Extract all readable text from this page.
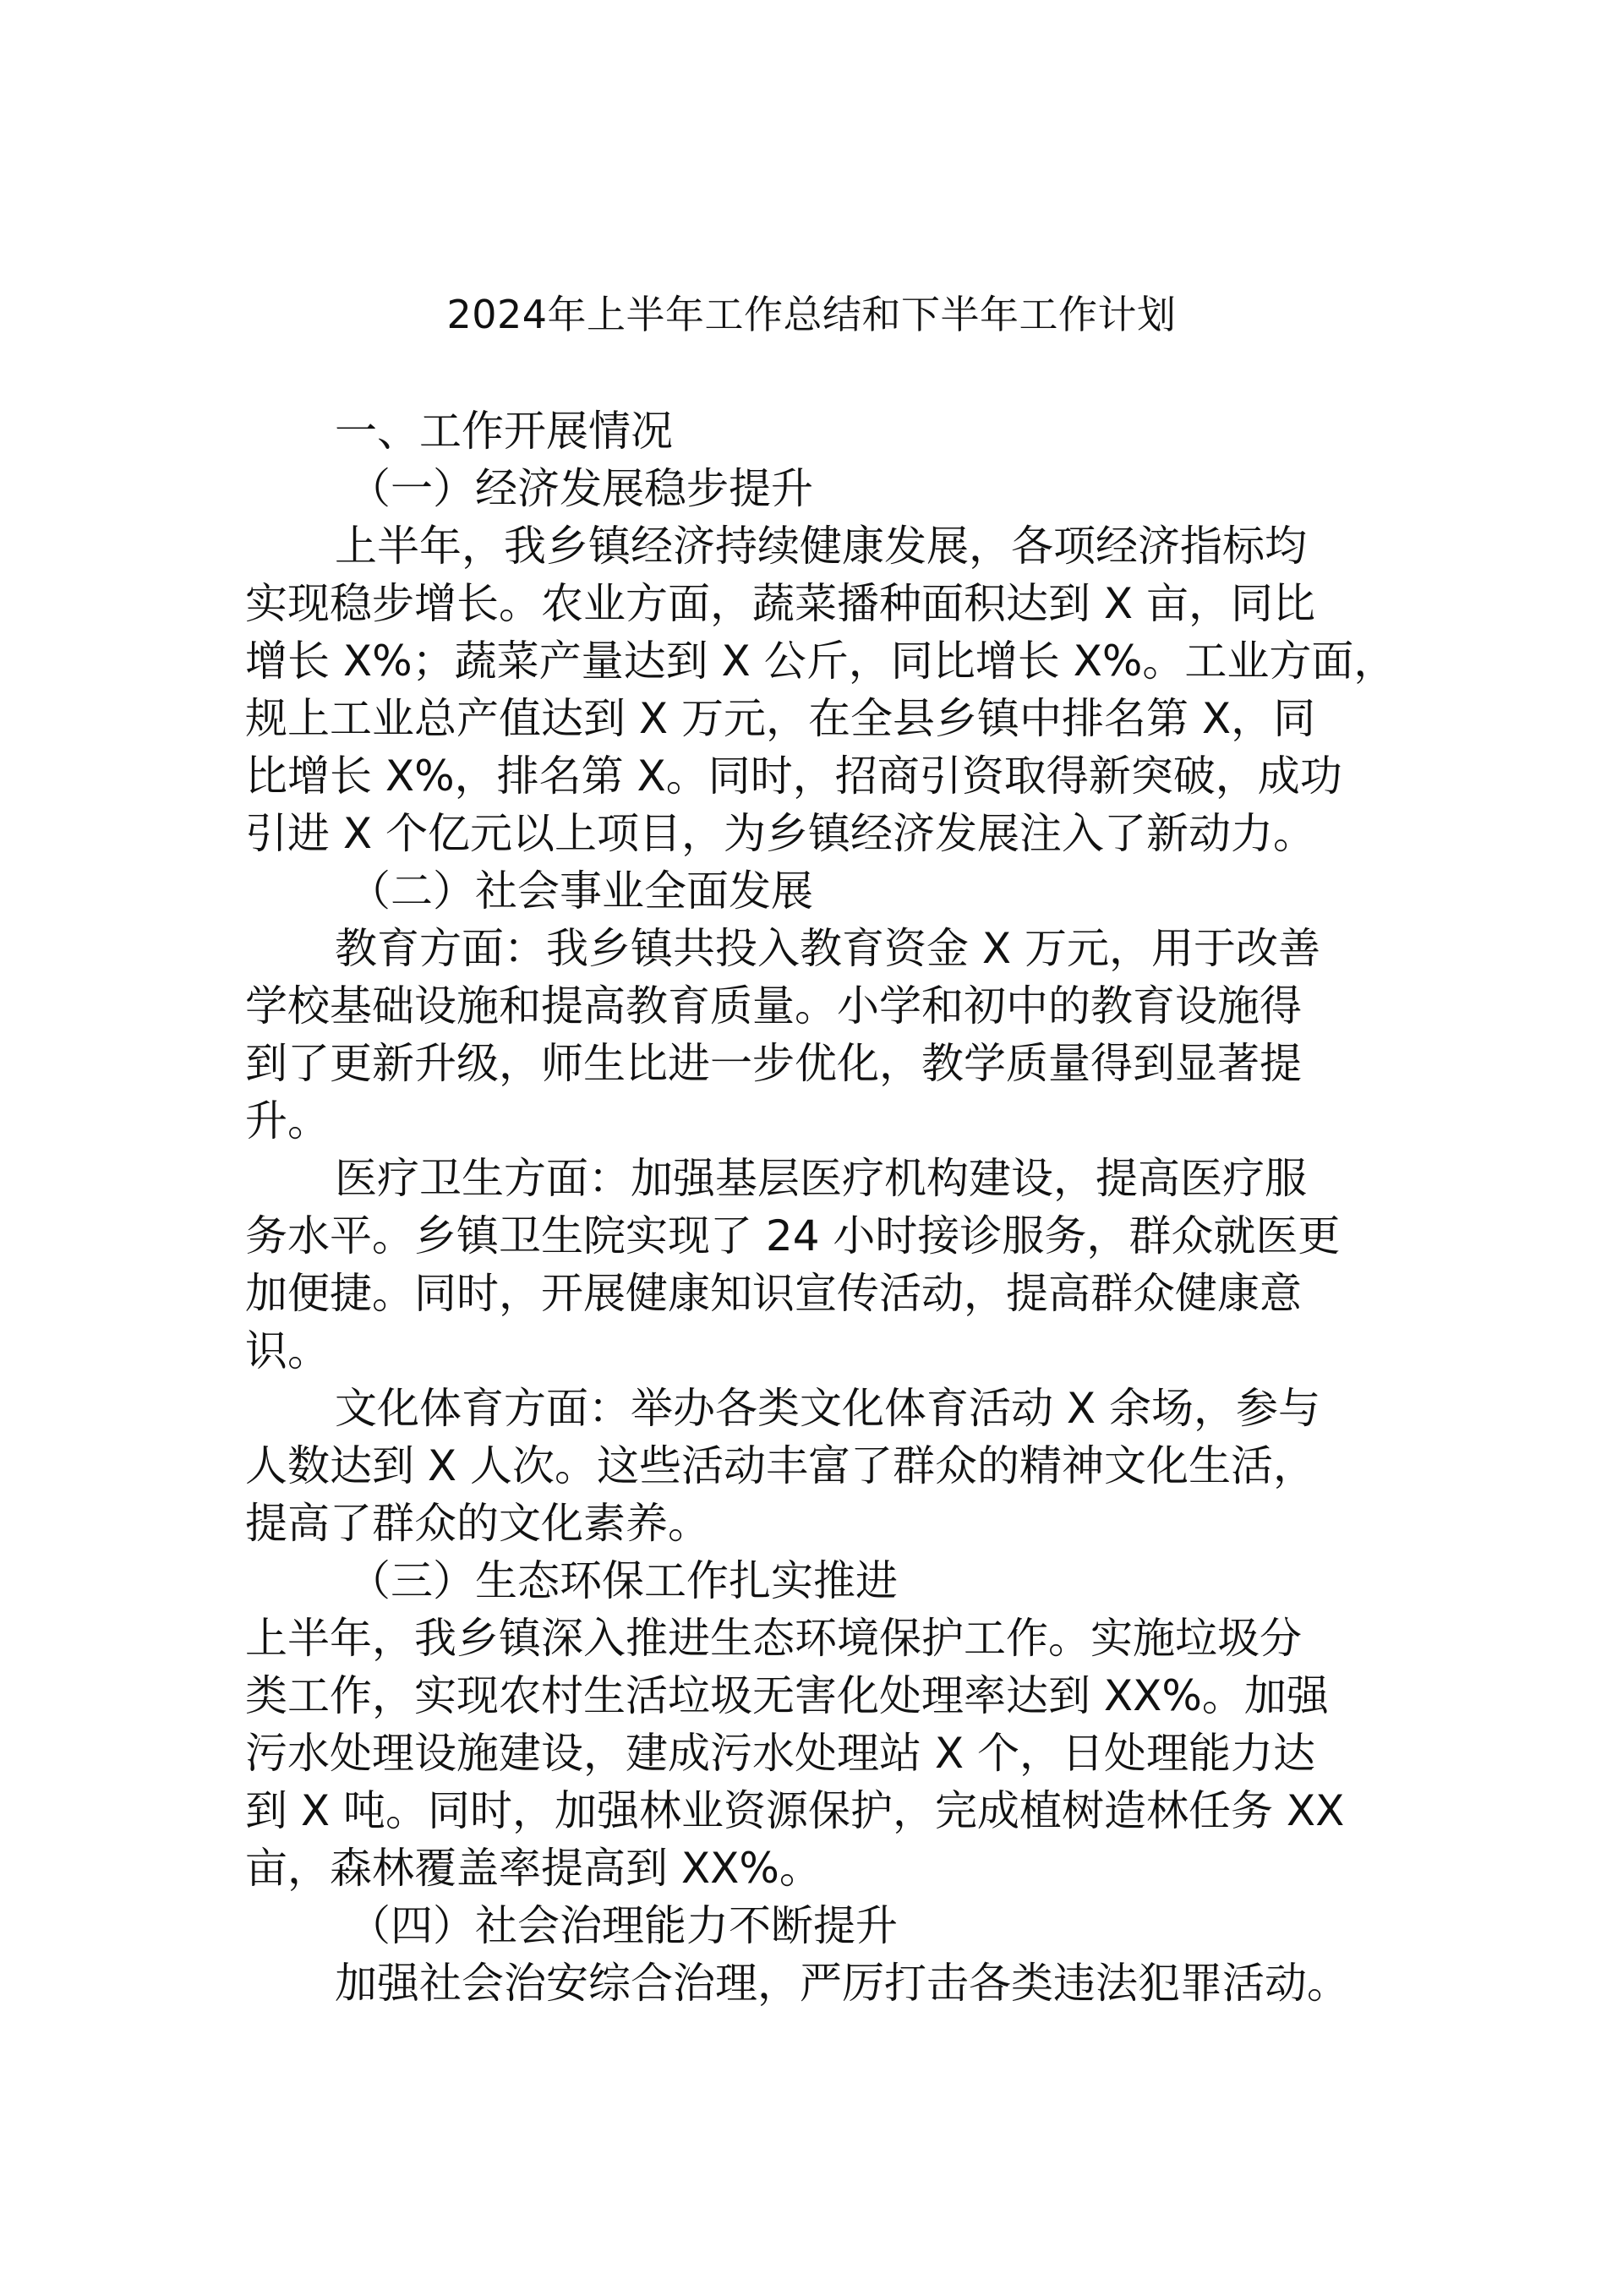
2024年上半年工作总结和下半年工作计划
一、工作开展情况
（一）经济发展稳步提升
上半年，我乡镇经济持续健康发展，各项经济指标均
实现稳步增长。农业方面，蔬菜播种面积达到 X 亩，同比
增长 X%；蔬菜产量达到 X 公斤，同比增长 X%。工业方面，
规上工业总产值达到 X 万元，在全县乡镇中排名第 X，同
比增长 X%，排名第 X。同时，招商引资取得新突破，成功
引进 X 个亿元以上项目，为乡镇经济发展注入了新动力。
（二）社会事业全面发展
教育方面：我乡镇共投入教育资金 X 万元，用于改善
学校基础设施和提高教育质量。小学和初中的教育设施得
到了更新升级，师生比进一步优化，教学质量得到显著提
升。
医疗卫生方面：加强基层医疗机构建设，提高医疗服
务水平。乡镇卫生院实现了 24 小时接诊服务，群众就医更
加便捷。同时，开展健康知识宣传活动，提高群众健康意
识。
文化体育方面：举办各类文化体育活动 X 余场，参与
人数达到 X 人次。这些活动丰富了群众的精神文化生活，
提高了群众的文化素养。
（三）生态环保工作扎实推进
上半年，我乡镇深入推进生态环境保护工作。实施垃圾分
类工作，实现农村生活垃圾无害化处理率达到 XX%。加强
污水处理设施建设，建成污水处理站 X 个，日处理能力达
到 X 吨。同时，加强林业资源保护，完成植树造林任务 XX
亩，森林覆盖率提高到 XX%。
（四）社会治理能力不断提升
加强社会治安综合治理，严厉打击各类违法犯罪活动。
